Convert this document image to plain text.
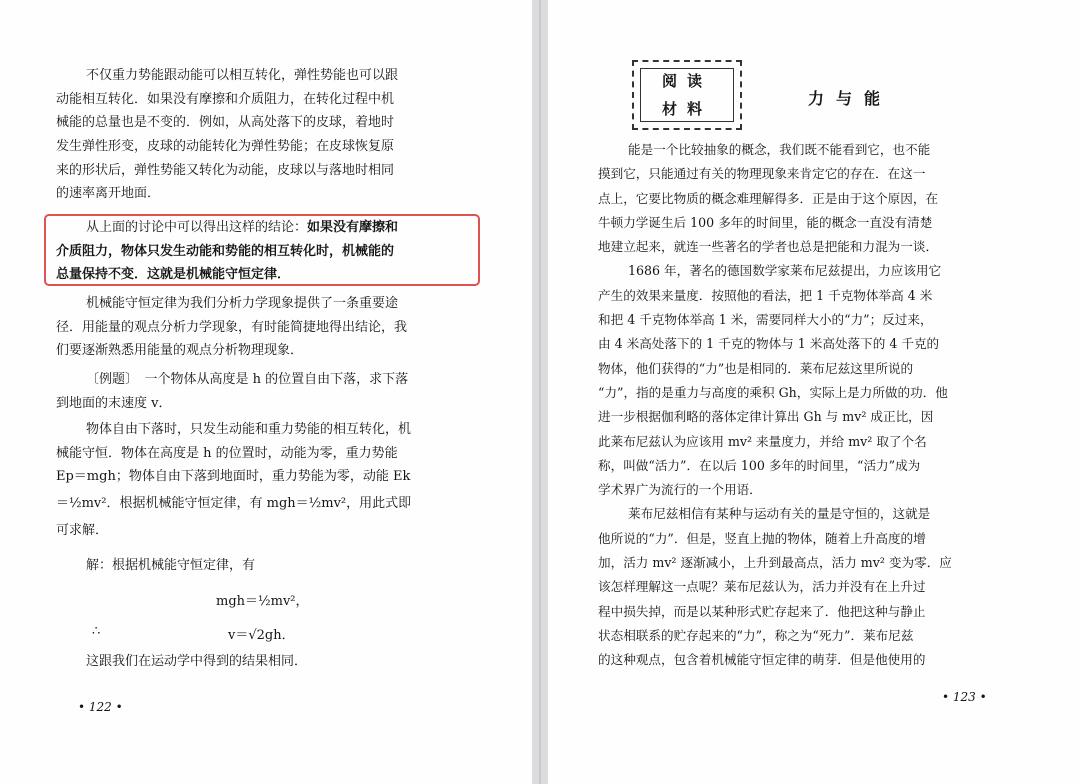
不仅重力势能跟动能可以相互转化，弹性势能也可以跟
动能相互转化．如果没有摩擦和介质阻力，在转化过程中机
械能的总量也是不变的．例如，从高处落下的皮球，着地时
发生弹性形变，皮球的动能转化为弹性势能；在皮球恢复原
来的形状后，弹性势能又转化为动能，皮球以与落地时相同
的速率离开地面．
从上面的讨论中可以得出这样的结论：如果没有摩擦和
介质阻力，物体只发生动能和势能的相互转化时，机械能的
总量保持不变．这就是机械能守恒定律．
机械能守恒定律为我们分析力学现象提供了一条重要途
径．用能量的观点分析力学现象，有时能简捷地得出结论，我
们要逐渐熟悉用能量的观点分析物理现象．
〔例题〕　一个物体从高度是 h 的位置自由下落，求下落
到地面的末速度 v．
物体自由下落时，只发生动能和重力势能的相互转化，机
械能守恒．物体在高度是 h 的位置时，动能为零，重力势能
Ep＝mgh；物体自由下落到地面时，重力势能为零，动能 Ek
＝½mv²．根据机械能守恒定律，有 mgh＝½mv²，用此式即
可求解．
解：根据机械能守恒定律，有
mgh＝½mv²，
∴	v＝√2gh．
这跟我们在运动学中得到的结果相同．
• 122 •
阅读
材料
力与能
能是一个比较抽象的概念，我们既不能看到它，也不能
摸到它，只能通过有关的物理现象来肯定它的存在．在这一
点上，它要比物质的概念难理解得多．正是由于这个原因，在
牛顿力学诞生后 100 多年的时间里，能的概念一直没有清楚
地建立起来，就连一些著名的学者也总是把能和力混为一谈．
1686 年，著名的德国数学家莱布尼兹提出，力应该用它
产生的效果来量度．按照他的看法，把 1 千克物体举高 4 米
和把 4 千克物体举高 1 米，需要同样大小的“力”；反过来，
由 4 米高处落下的 1 千克的物体与 1 米高处落下的 4 千克的
物体，他们获得的“力”也是相同的．莱布尼兹这里所说的
“力”，指的是重力与高度的乘积 Gh，实际上是力所做的功．他
进一步根据伽利略的落体定律计算出 Gh 与 mv² 成正比，因
此莱布尼兹认为应该用 mv² 来量度力，并给 mv² 取了个名
称，叫做“活力”．在以后 100 多年的时间里，“活力”成为
学术界广为流行的一个用语．
莱布尼兹相信有某种与运动有关的量是守恒的，这就是
他所说的“力”．但是，竖直上抛的物体，随着上升高度的增
加，活力 mv² 逐渐减小，上升到最高点，活力 mv² 变为零．应
该怎样理解这一点呢？莱布尼兹认为，活力并没有在上升过
程中损失掉，而是以某种形式贮存起来了．他把这种与静止
状态相联系的贮存起来的“力”，称之为“死力”．莱布尼兹
的这种观点，包含着机械能守恒定律的萌芽．但是他使用的
• 123 •
